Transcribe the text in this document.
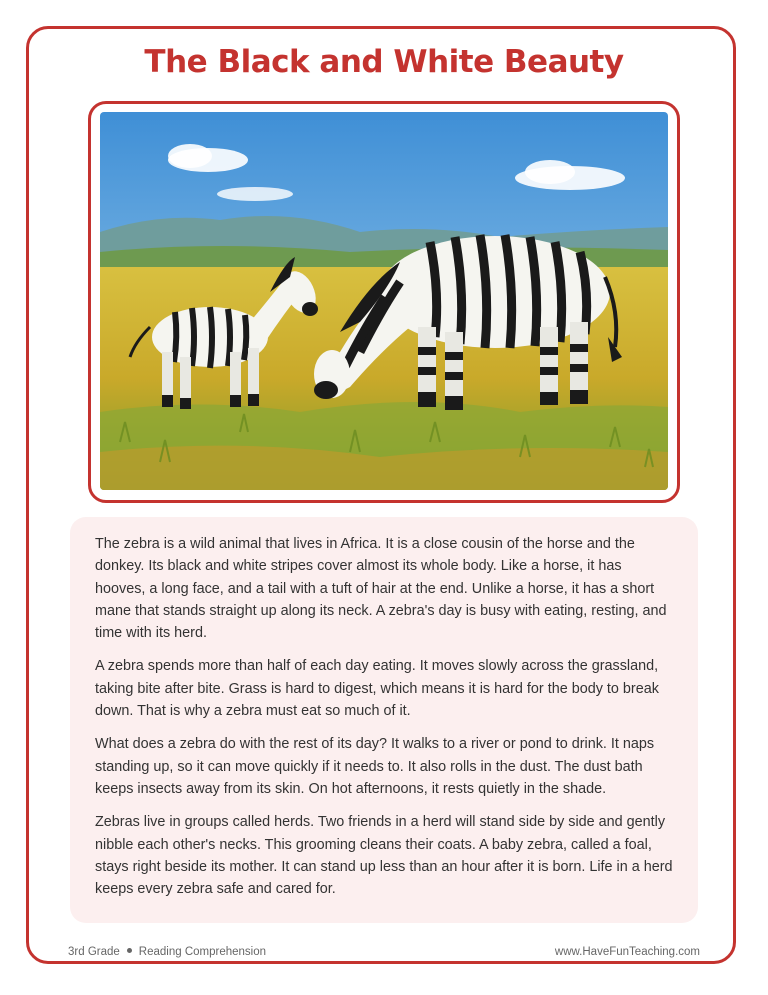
The Black and White Beauty

The zebra is a wild animal that lives in Africa. It is a close cousin of the horse and the donkey. Its black and white stripes cover almost its whole body. Like a horse, it has hooves, a long face, and a tail with a tuft of hair at the end. Unlike a horse, it has a short mane that stands straight up along its neck. A zebra's day is busy with eating, resting, and time with its herd.

A zebra spends more than half of each day eating. It moves slowly across the grassland, taking bite after bite. Grass is hard to digest, which means it is hard for the body to break down. That is why a zebra must eat so much of it.

What does a zebra do with the rest of its day? It walks to a river or pond to drink. It naps standing up, so it can move quickly if it needs to. It also rolls in the dust. The dust bath keeps insects away from its skin. On hot afternoons, it rests quietly in the shade.

Zebras live in groups called herds. Two friends in a herd will stand side by side and gently nibble each other's necks. This grooming cleans their coats. A baby zebra, called a foal, stays right beside its mother. It can stand up less than an hour after it is born. Life in a herd keeps every zebra safe and cared for.

3rd Grade Reading Comprehension	www.HaveFunTeaching.com
